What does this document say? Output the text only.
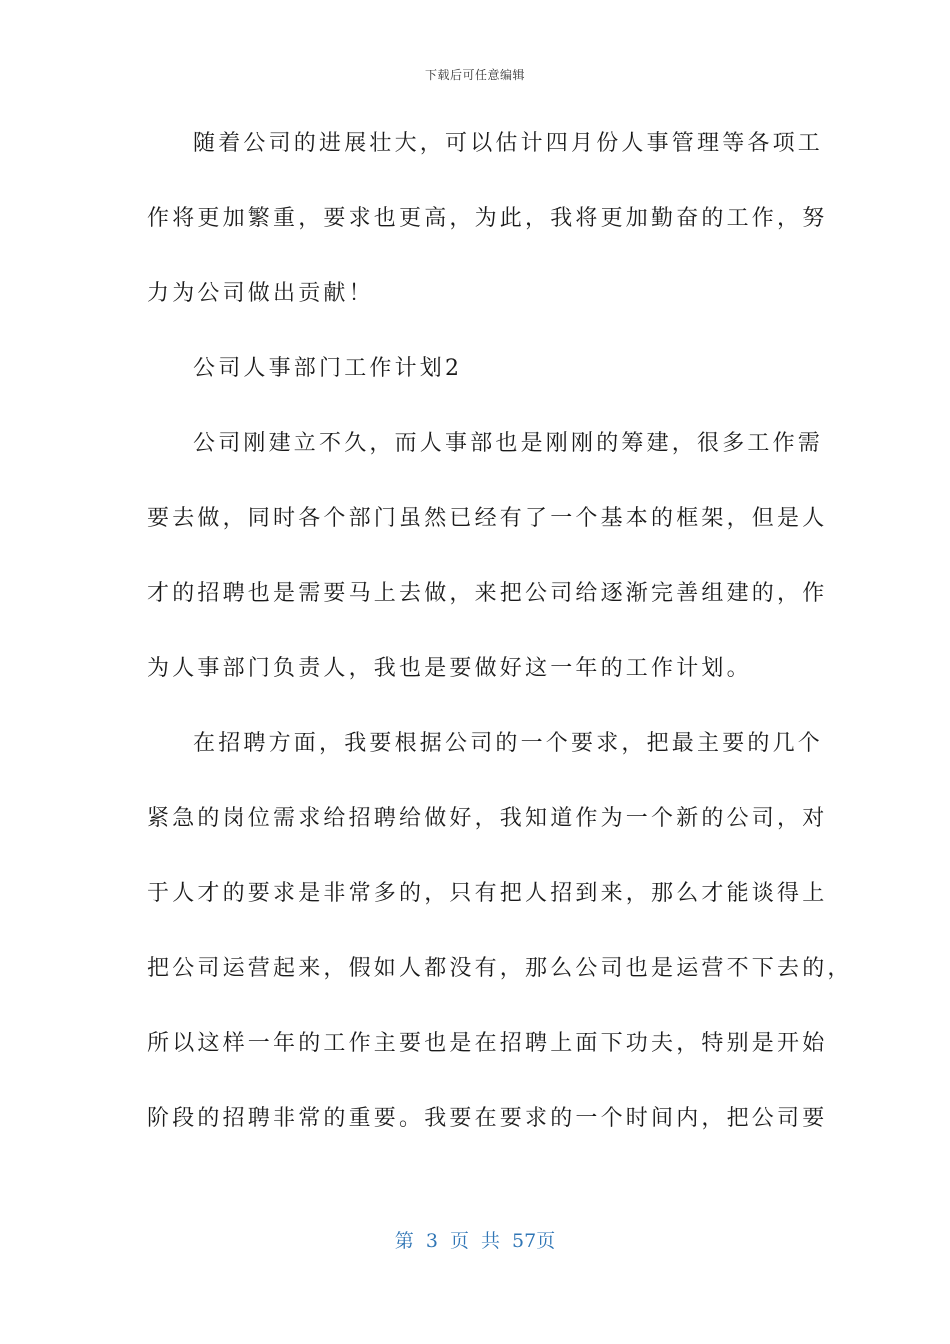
下载后可任意编辑
随着公司的进展壮大，可以估计四月份人事管理等各项工
作将更加繁重，要求也更高，为此，我将更加勤奋的工作，努
力为公司做出贡献！
公司人事部门工作计划2
公司刚建立不久，而人事部也是刚刚的筹建，很多工作需
要去做，同时各个部门虽然已经有了一个基本的框架，但是人
才的招聘也是需要马上去做，来把公司给逐渐完善组建的，作
为人事部门负责人，我也是要做好这一年的工作计划。
在招聘方面，我要根据公司的一个要求，把最主要的几个
紧急的岗位需求给招聘给做好，我知道作为一个新的公司，对
于人才的要求是非常多的，只有把人招到来，那么才能谈得上
把公司运营起来，假如人都没有，那么公司也是运营不下去的，
所以这样一年的工作主要也是在招聘上面下功夫，特别是开始
阶段的招聘非常的重要。我要在要求的一个时间内，把公司要
第 3 页 共 57页
